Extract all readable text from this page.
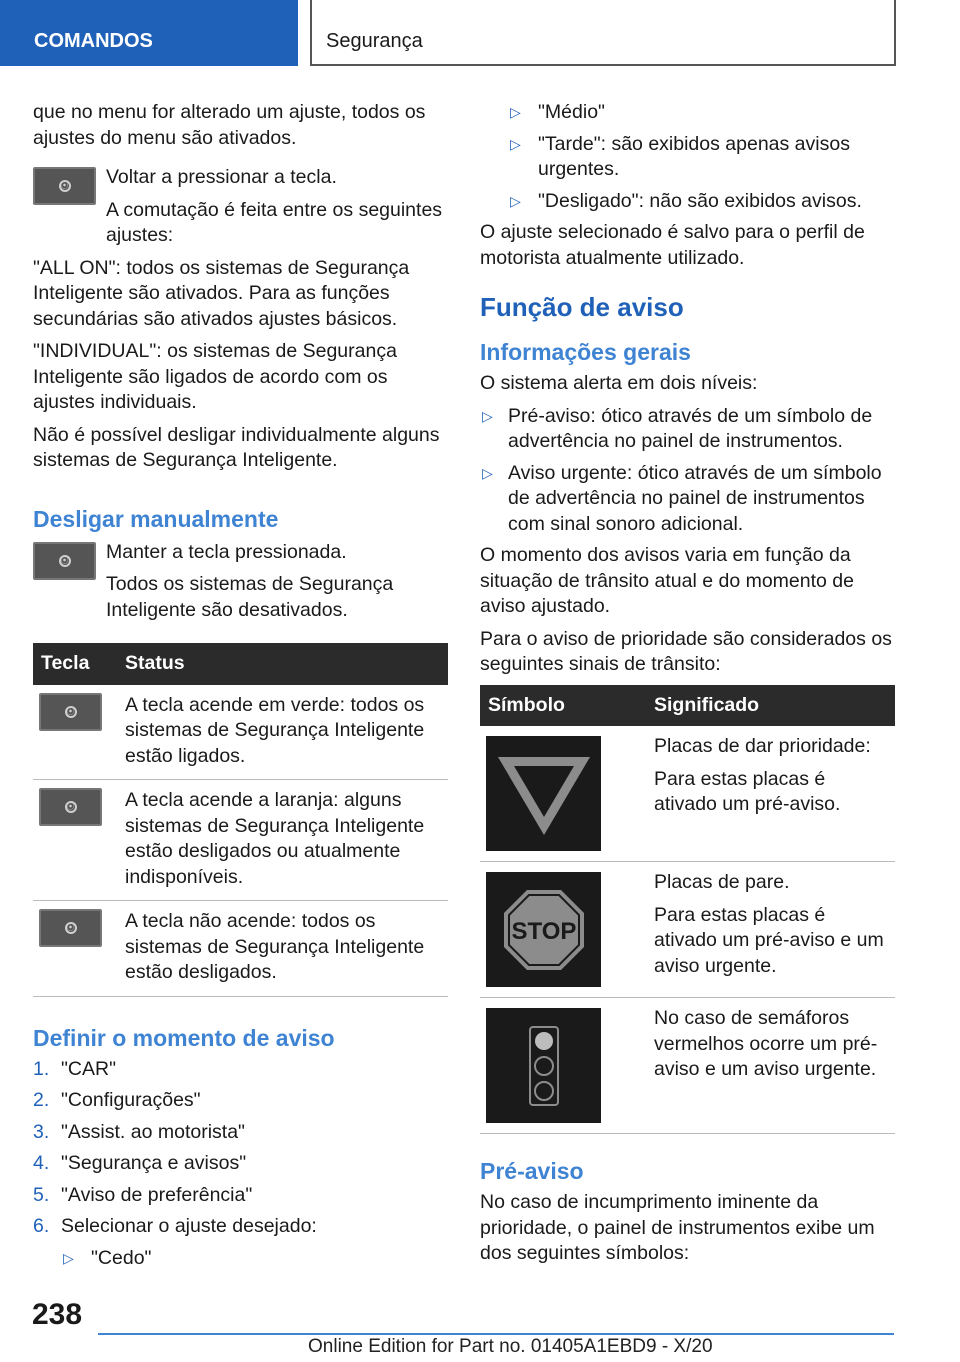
COMANDOS	Segurança

que no menu for alterado um ajuste, todos os ajustes do menu são ativados.

⦿	Voltar a pressionar a tecla.

A comutação é feita entre os seguintes ajustes:

"ALL ON": todos os sistemas de Segurança Inteligente são ativados. Para as funções secundárias são ativados ajustes básicos.

"INDIVIDUAL": os sistemas de Segurança Inteligente são ligados de acordo com os ajustes individuais.

Não é possível desligar individualmente alguns sistemas de Segurança Inteligente.

Desligar manualmente
⦿	Manter a tecla pressionada.

Todos os sistemas de Segurança Inteligente são desativados.

Tecla	Status

⦿	A tecla acende em verde: todos os sistemas de Segurança Inteligente estão ligados.

⦿	A tecla acende a laranja: alguns sistemas de Segurança Inteligente estão desligados ou atualmente indisponíveis.

⦿	A tecla não acende: todos os sistemas de Segurança Inteligente estão desligados.
Definir o momento de aviso
1. "CAR"
2. "Configurações"
3. "Assist. ao motorista"
4. "Segurança e avisos"
5. "Aviso de preferência"
6. Selecionar o ajuste desejado:
▷ "Cedo"
▷ "Médio"
▷ "Tarde": são exibidos apenas avisos urgentes.
▷ "Desligado": não são exibidos avisos.

O ajuste selecionado é salvo para o perfil de motorista atualmente utilizado.

Função de aviso
Informações gerais

O sistema alerta em dois níveis:

▷ Pré-aviso: ótico através de um símbolo de advertência no painel de instrumentos.
▷ Aviso urgente: ótico através de um símbolo de advertência no painel de instrumentos com sinal sonoro adicional.

O momento dos avisos varia em função da situação de trânsito atual e do momento de aviso ajustado.

Para o aviso de prioridade são considerados os seguintes sinais de trânsito:

Símbolo	Significado

Placas de dar prioridade:

Para estas placas é ativado um pré-aviso.

STOP	Placas de pare.

Para estas placas é ativado um pré-aviso e um aviso urgente.

No caso de semáforos vermelhos ocorre um pré-aviso e um aviso urgente.

Pré-aviso

No caso de incumprimento iminente da prioridade, o painel de instrumentos exibe um dos seguintes símbolos:

238
Online Edition for Part no. 01405A1EBD9 - X/20
